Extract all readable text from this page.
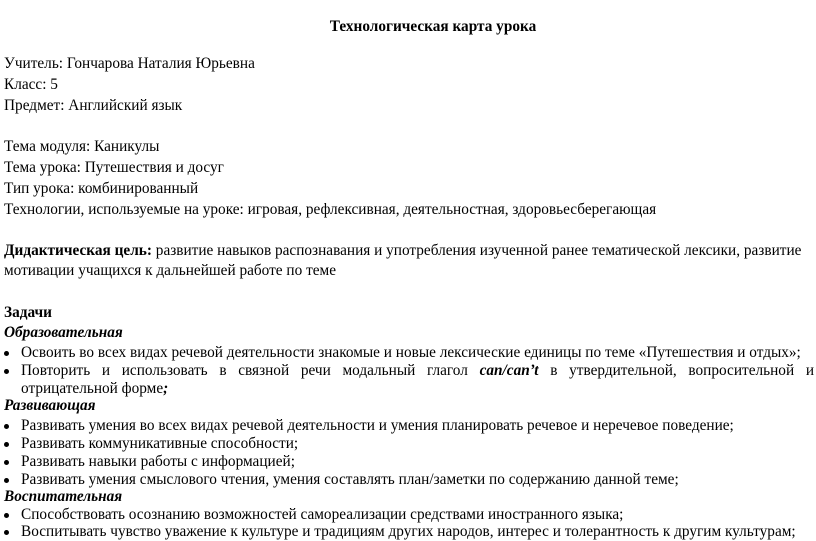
Технологическая карта урока
Учитель: Гончарова Наталия Юрьевна
Класс: 5
Предмет: Английский язык
Тема модуля: Каникулы
Тема урока: Путешествия и досуг
Тип урока: комбинированный
Технологии, используемые на уроке: игровая, рефлексивная, деятельностная, здоровьесберегающая
Дидактическая цель: развитие навыков распознавания и употребления изученной ранее тематической лексики, развитие
мотивации учащихся к дальнейшей работе по теме
Задачи
Образовательная
Освоить во всех видах речевой деятельности знакомые и новые лексические единицы по теме «Путешествия и отдых»;
Повторить и использовать в связной речи модальный глагол can/can’t в утвердительной, вопросительной и
отрицательной форме;
Развивающая
Развивать умения во всех видах речевой деятельности и умения планировать речевое и неречевое поведение;
Развивать коммуникативные способности;
Развивать навыки работы с информацией;
Развивать умения смыслового чтения, умения составлять план/заметки по содержанию данной теме;
Воспитательная
Способствовать осознанию возможностей самореализации средствами иностранного языка;
Воспитывать чувство уважение к культуре и традициям других народов, интерес и толерантность к другим культурам;
